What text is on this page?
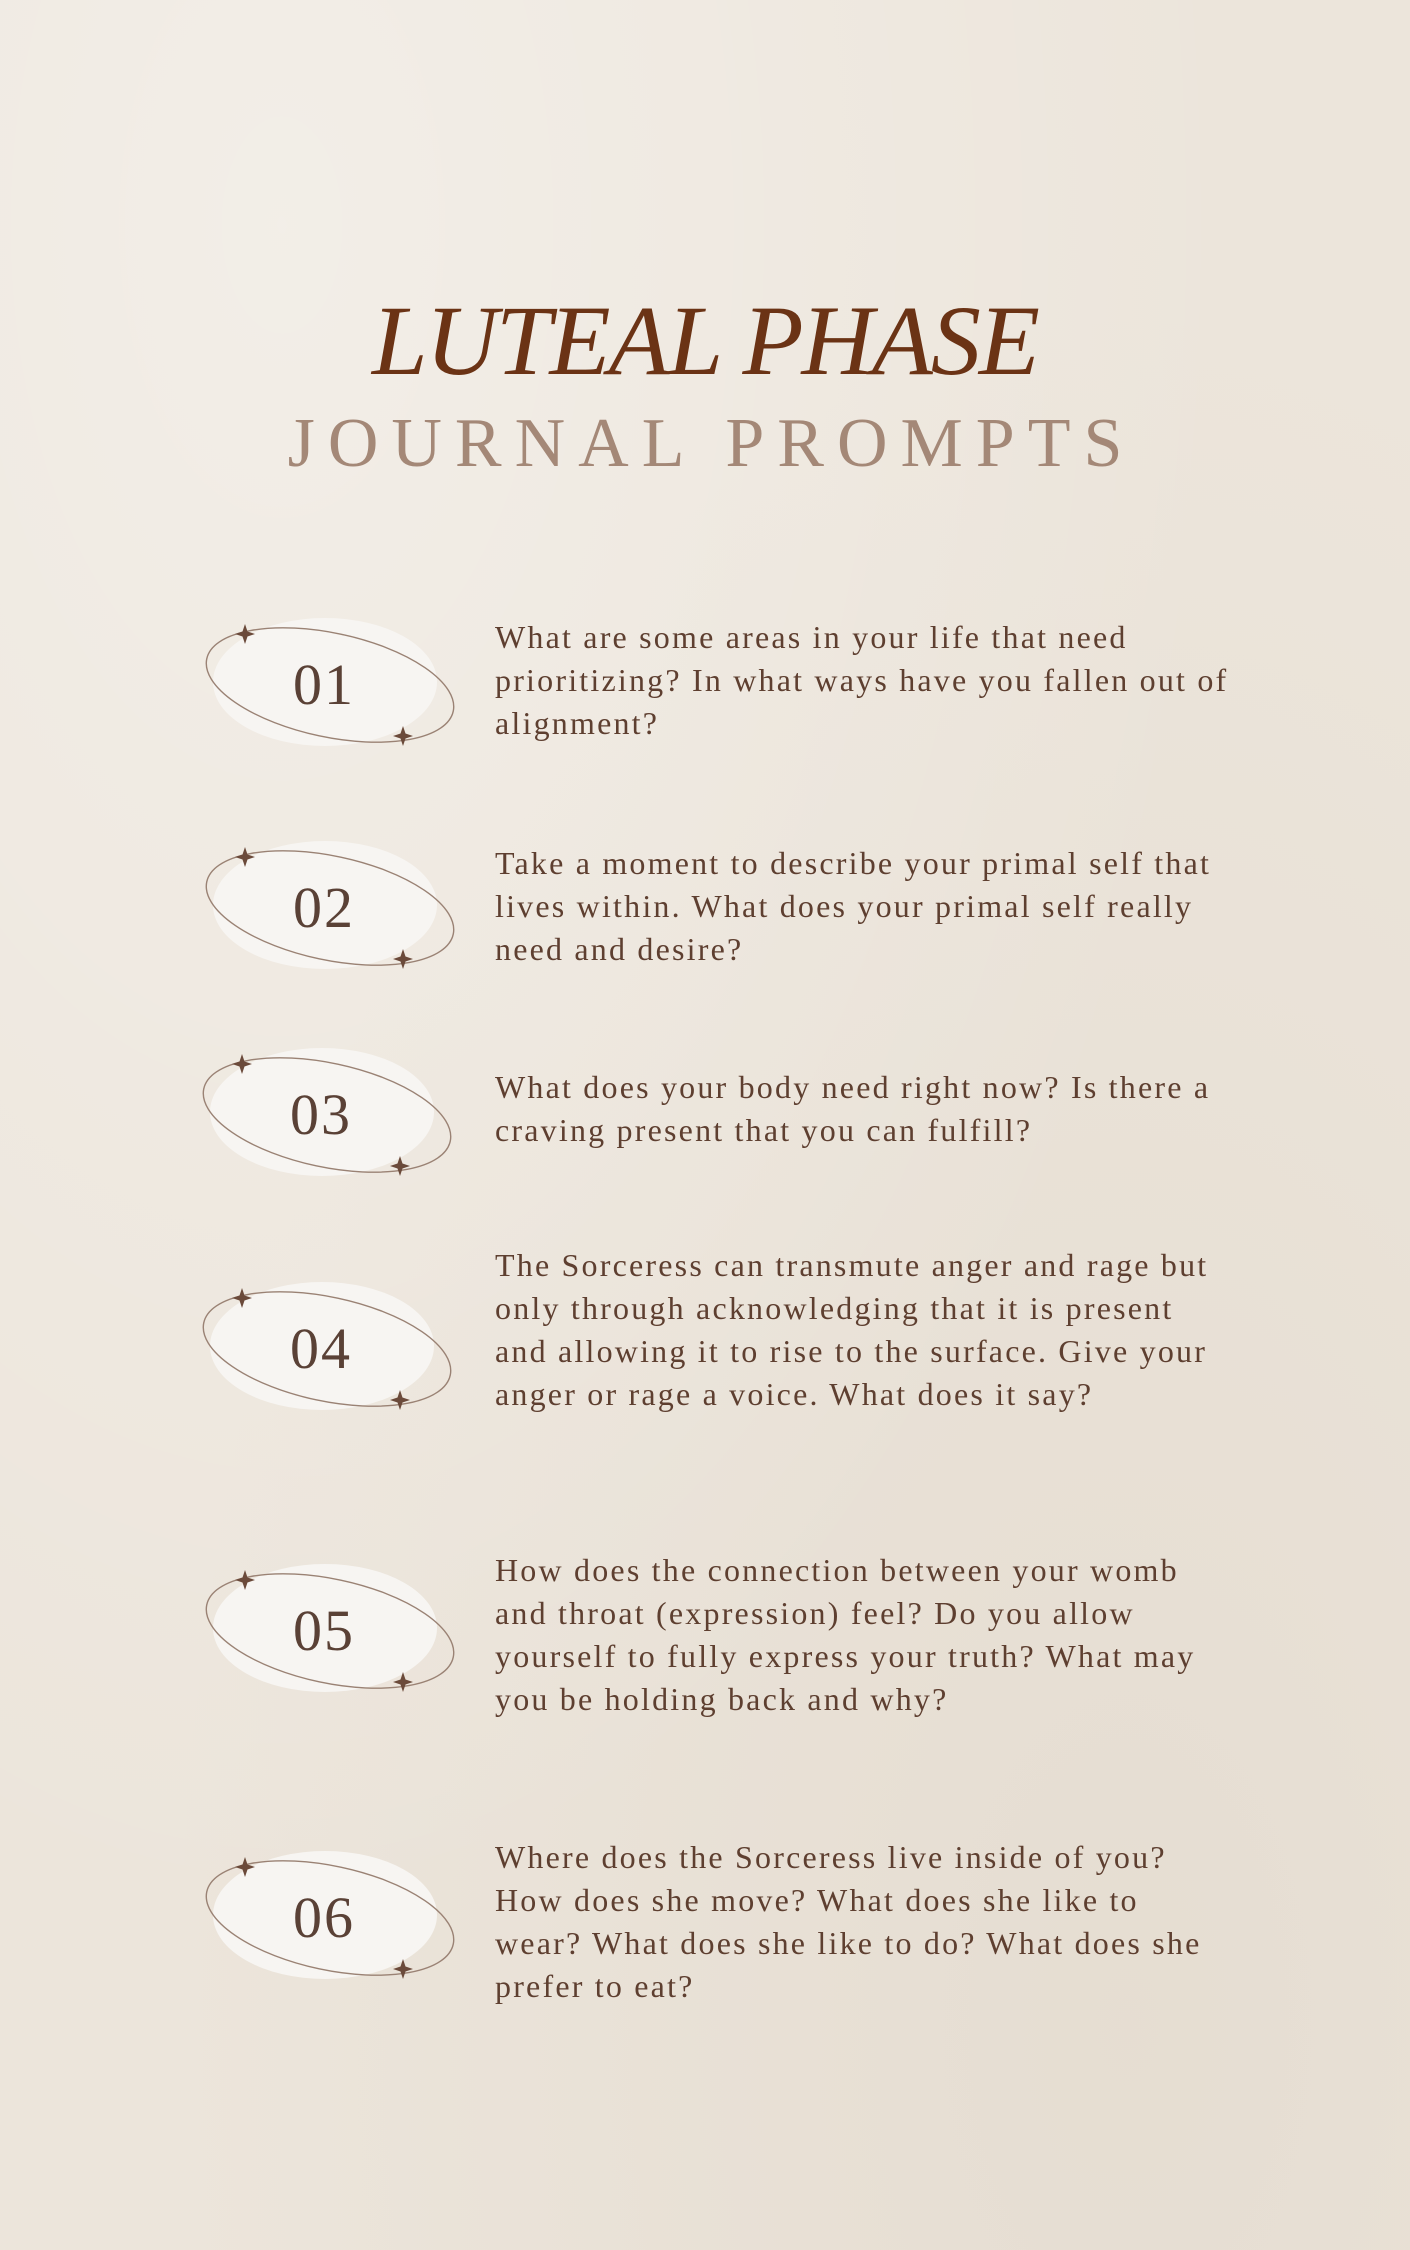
LUTEAL PHASE
JOURNAL PROMPTS
01

What are some areas in your life that need prioritizing? In what ways have you fallen out of alignment?

02

Take a moment to describe your primal self that lives within. What does your primal self really need and desire?

03	What does your body need right now? Is there a craving present that you can fulfill?

04

The Sorceress can transmute anger and rage but only through acknowledging that it is present and allowing it to rise to the surface. Give your anger or rage a voice. What does it say?

05

How does the connection between your womb and throat (expression) feel? Do you allow yourself to fully express your truth? What may you be holding back and why?

06

Where does the Sorceress live inside of you? How does she move? What does she like to wear? What does she like to do? What does she prefer to eat?
